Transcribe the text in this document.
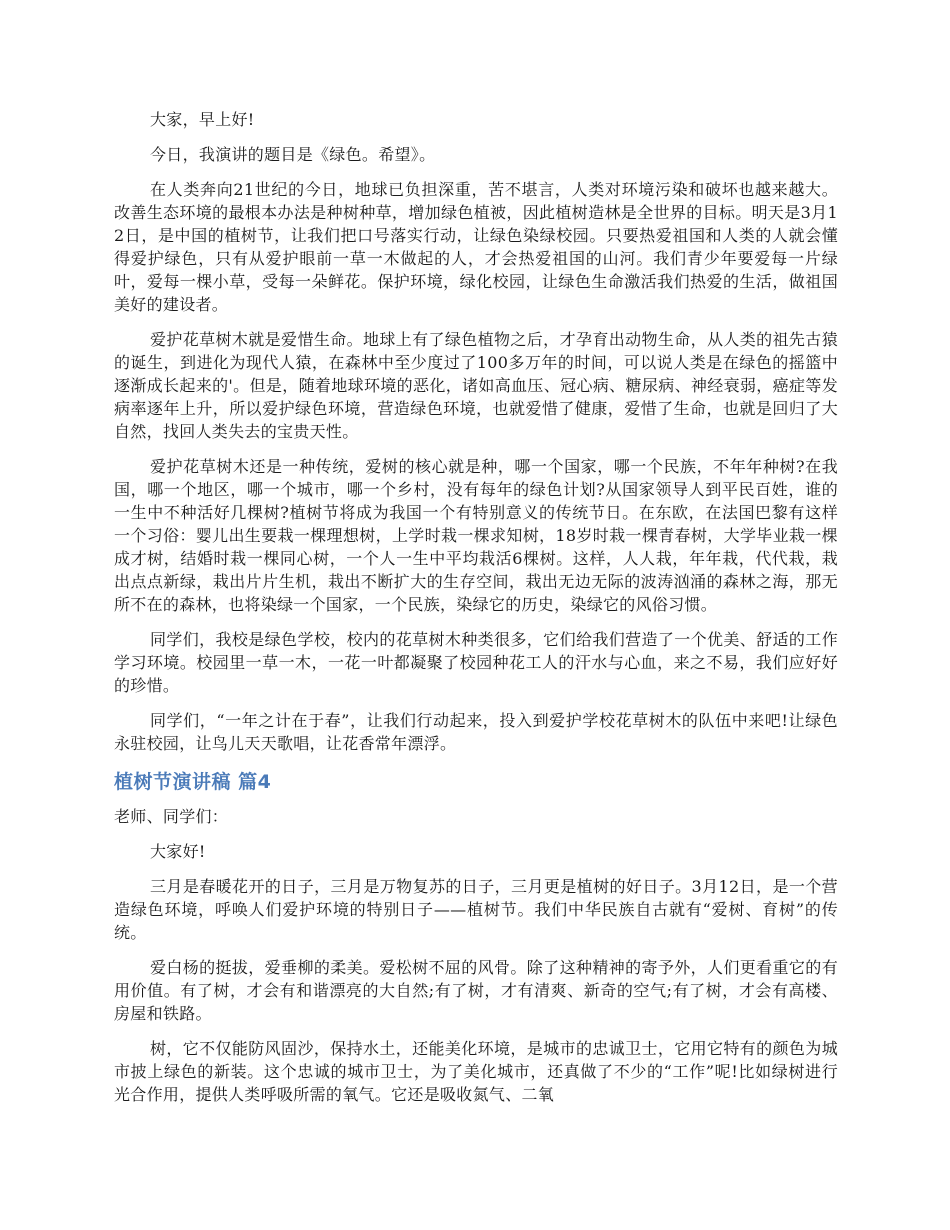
大家，早上好!

今日，我演讲的题目是《绿色。希望》。

在人类奔向21世纪的今日，地球已负担深重，苦不堪言，人类对环境污染和破坏也越来越大。改善生态环境的最根本办法是种树种草，增加绿色植被，因此植树造林是全世界的目标。明天是3月12日，是中国的植树节，让我们把口号落实行动，让绿色染绿校园。只要热爱祖国和人类的人就会懂得爱护绿色，只有从爱护眼前一草一木做起的人，才会热爱祖国的山河。我们青少年要爱每一片绿叶，爱每一棵小草，受每一朵鲜花。保护环境，绿化校园，让绿色生命激活我们热爱的生活，做祖国美好的建设者。

爱护花草树木就是爱惜生命。地球上有了绿色植物之后，才孕育出动物生命，从人类的祖先古猿的诞生，到进化为现代人猿，在森林中至少度过了100多万年的时间，可以说人类是在绿色的摇篮中逐渐成长起来的'。但是，随着地球环境的恶化，诸如高血压、冠心病、糖尿病、神经衰弱，癌症等发病率逐年上升，所以爱护绿色环境，营造绿色环境，也就爱惜了健康，爱惜了生命，也就是回归了大自然，找回人类失去的宝贵天性。

爱护花草树木还是一种传统，爱树的核心就是种，哪一个国家，哪一个民族，不年年种树?在我国，哪一个地区，哪一个城市，哪一个乡村，没有每年的绿色计划?从国家领导人到平民百姓，谁的一生中不种活好几棵树?植树节将成为我国一个有特别意义的传统节日。在东欧，在法国巴黎有这样一个习俗：婴儿出生要栽一棵理想树，上学时栽一棵求知树，18岁时栽一棵青春树，大学毕业栽一棵成才树，结婚时栽一棵同心树，一个人一生中平均栽活6棵树。这样，人人栽，年年栽，代代栽，栽出点点新绿，栽出片片生机，栽出不断扩大的生存空间，栽出无边无际的波涛汹涌的森林之海，那无所不在的森林，也将染绿一个国家，一个民族，染绿它的历史，染绿它的风俗习惯。

同学们，我校是绿色学校，校内的花草树木种类很多，它们给我们营造了一个优美、舒适的工作学习环境。校园里一草一木，一花一叶都凝聚了校园种花工人的汗水与心血，来之不易，我们应好好的珍惜。

同学们，“一年之计在于春”，让我们行动起来，投入到爱护学校花草树木的队伍中来吧!让绿色永驻校园，让鸟儿天天歌唱，让花香常年漂浮。

植树节演讲稿 篇4

老师、同学们：

大家好!

三月是春暖花开的日子，三月是万物复苏的日子，三月更是植树的好日子。3月12日，是一个营造绿色环境，呼唤人们爱护环境的特别日子——植树节。我们中华民族自古就有“爱树、育树”的传统。

爱白杨的挺拔，爱垂柳的柔美。爱松树不屈的风骨。除了这种精神的寄予外，人们更看重它的有用价值。有了树，才会有和谐漂亮的大自然;有了树，才有清爽、新奇的空气;有了树，才会有高楼、房屋和铁路。

树，它不仅能防风固沙，保持水土，还能美化环境，是城市的忠诚卫士，它用它特有的颜色为城市披上绿色的新装。这个忠诚的城市卫士，为了美化城市，还真做了不少的“工作”呢!比如绿树进行光合作用，提供人类呼吸所需的氧气。它还是吸收氮气、二氧
